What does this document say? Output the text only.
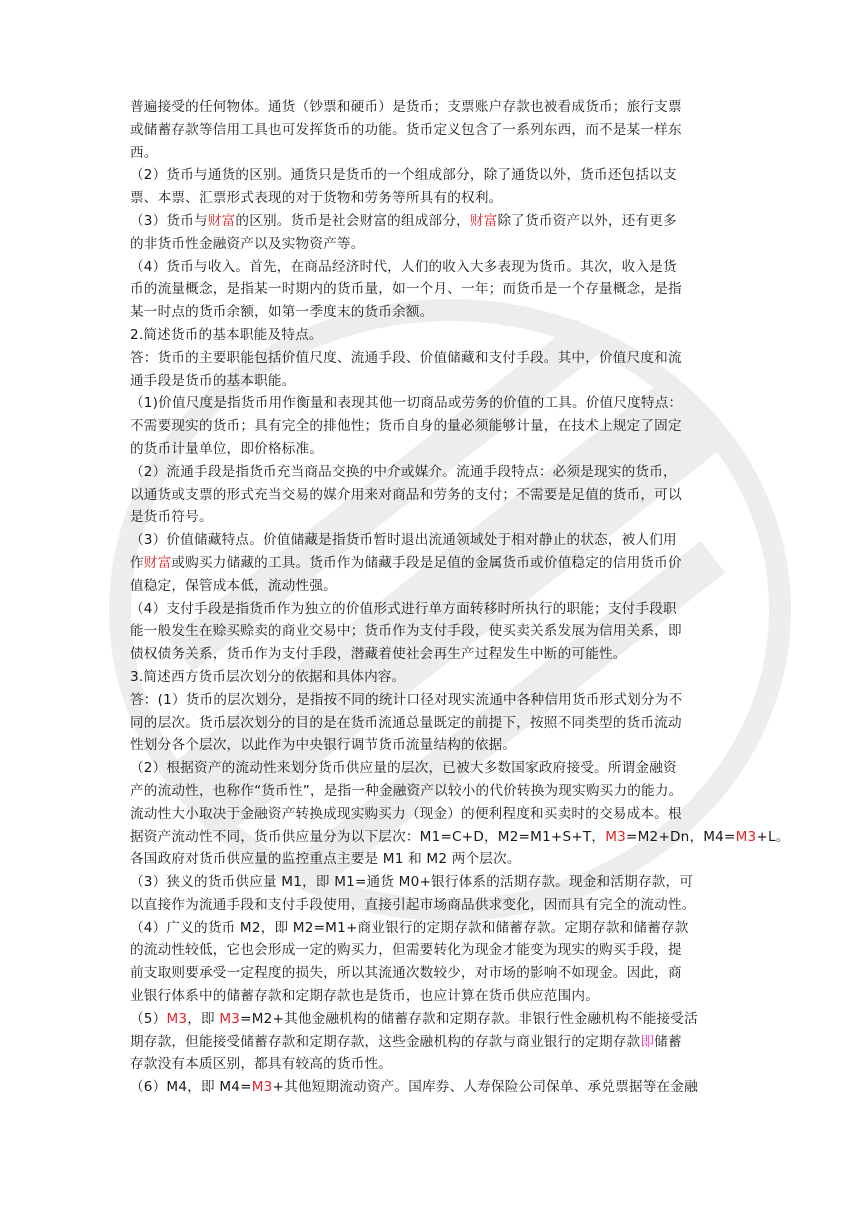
普遍接受的任何物体。通货（钞票和硬币）是货币；支票账户存款也被看成货币；旅行支票
或储蓄存款等信用工具也可发挥货币的功能。货币定义包含了一系列东西，而不是某一样东
西。
（2）货币与通货的区别。通货只是货币的一个组成部分，除了通货以外，货币还包括以支
票、本票、汇票形式表现的对于货物和劳务等所具有的权利。
（3）货币与财富的区别。货币是社会财富的组成部分，财富除了货币资产以外，还有更多
的非货币性金融资产以及实物资产等。
（4）货币与收入。首先，在商品经济时代，人们的收入大多表现为货币。其次，收入是货
币的流量概念，是指某一时期内的货币量，如一个月、一年；而货币是一个存量概念，是指
某一时点的货币余额，如第一季度末的货币余额。
2.简述货币的基本职能及特点。
答：货币的主要职能包括价值尺度、流通手段、价值储藏和支付手段。其中，价值尺度和流
通手段是货币的基本职能。
（1)价值尺度是指货币用作衡量和表现其他一切商品或劳务的价值的工具。价值尺度特点：
不需要现实的货币；具有完全的排他性；货币自身的量必须能够计量，在技术上规定了固定
的货币计量单位，即价格标准。
（2）流通手段是指货币充当商品交换的中介或媒介。流通手段特点：必须是现实的货币，
以通货或支票的形式充当交易的媒介用来对商品和劳务的支付；不需要是足值的货币，可以
是货币符号。
（3）价值储藏特点。价值储藏是指货币暂时退出流通领域处于相对静止的状态，被人们用
作财富或购买力储藏的工具。货币作为储藏手段是足值的金属货币或价值稳定的信用货币价
值稳定，保管成本低，流动性强。
（4）支付手段是指货币作为独立的价值形式进行单方面转移时所执行的职能；支付手段职
能一般发生在赊买赊卖的商业交易中；货币作为支付手段，使买卖关系发展为信用关系，即
债权债务关系，货币作为支付手段，潜藏着使社会再生产过程发生中断的可能性。
3.简述西方货币层次划分的依据和具体内容。
答：(1）货币的层次划分，是指按不同的统计口径对现实流通中各种信用货币形式划分为不
同的层次。货币层次划分的目的是在货币流通总量既定的前提下，按照不同类型的货币流动
性划分各个层次，以此作为中央银行调节货币流量结构的依据。
（2）根据资产的流动性来划分货币供应量的层次，已被大多数国家政府接受。所谓金融资
产的流动性，也称作“货币性”，是指一种金融资产以较小的代价转换为现实购买力的能力。
流动性大小取决于金融资产转换成现实购买力（现金）的便利程度和买卖时的交易成本。根
据资产流动性不同，货币供应量分为以下层次：M1=C+D，M2=M1+S+T，M3=M2+Dn，M4=M3+L。
各国政府对货币供应量的监控重点主要是 M1 和 M2 两个层次。
（3）狭义的货币供应量 M1，即 M1=通货 M0+银行体系的活期存款。现金和活期存款，可
以直接作为流通手段和支付手段使用，直接引起市场商品供求变化，因而具有完全的流动性。
（4）广义的货币 M2，即 M2=M1+商业银行的定期存款和储蓄存款。定期存款和储蓄存款
的流动性较低，它也会形成一定的购买力，但需要转化为现金才能变为现实的购买手段，提
前支取则要承受一定程度的损失，所以其流通次数较少，对市场的影响不如现金。因此，商
业银行体系中的储蓄存款和定期存款也是货币，也应计算在货币供应范围内。
（5）M3，即 M3=M2+其他金融机构的储蓄存款和定期存款。非银行性金融机构不能接受活
期存款，但能接受储蓄存款和定期存款，这些金融机构的存款与商业银行的定期存款即储蓄
存款没有本质区别，都具有较高的货币性。
（6）M4，即 M4=M3+其他短期流动资产。国库券、人寿保险公司保单、承兑票据等在金融
